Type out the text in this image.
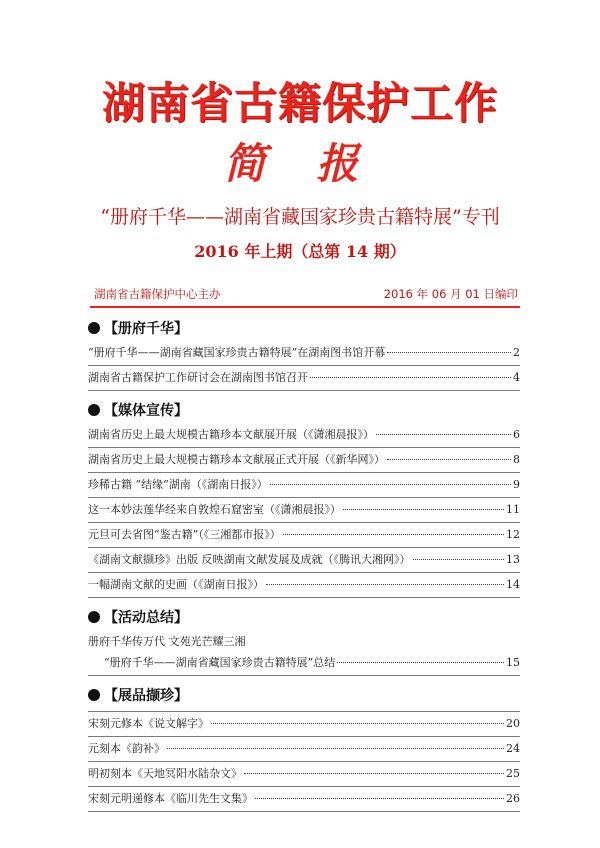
湖南省古籍保护工作
简 报
“册府千华——湖南省藏国家珍贵古籍特展”专刊
2016 年上期（总第 14 期）
湖南省古籍保护中心主办	2016 年 06 月 01 日编印
【册府千华】
“册府千华——湖南省藏国家珍贵古籍特展”在湖南图书馆开幕	2
湖南省古籍保护工作研讨会在湖南图书馆召开	4
【媒体宣传】
湖南省历史上最大规模古籍珍本文献展开展（《潇湘晨报》）	6
湖南省历史上最大规模古籍珍本文献展正式开展（《新华网》）	8
珍稀古籍 “结缘”湖南（《湖南日报》）	9
这一本妙法莲华经来自敦煌石窟密室（《潇湘晨报》）	11
元旦可去省图“鉴古籍”（《三湘都市报》）	12
《湖南文献撷珍》出版 反映湖南文献发展及成就（《腾讯大湘网》）	13
一幅湖南文献的史画（《湖南日报》）	14
【活动总结】
册府千华传万代 文苑光芒耀三湘
“册府千华——湖南省藏国家珍贵古籍特展”总结	15
【展品撷珍】
宋刻元修本《说文解字》	20
元刻本《韵补》	24
明初刻本《天地冥阳水陆杂文》	25
宋刻元明递修本《临川先生文集》	26
